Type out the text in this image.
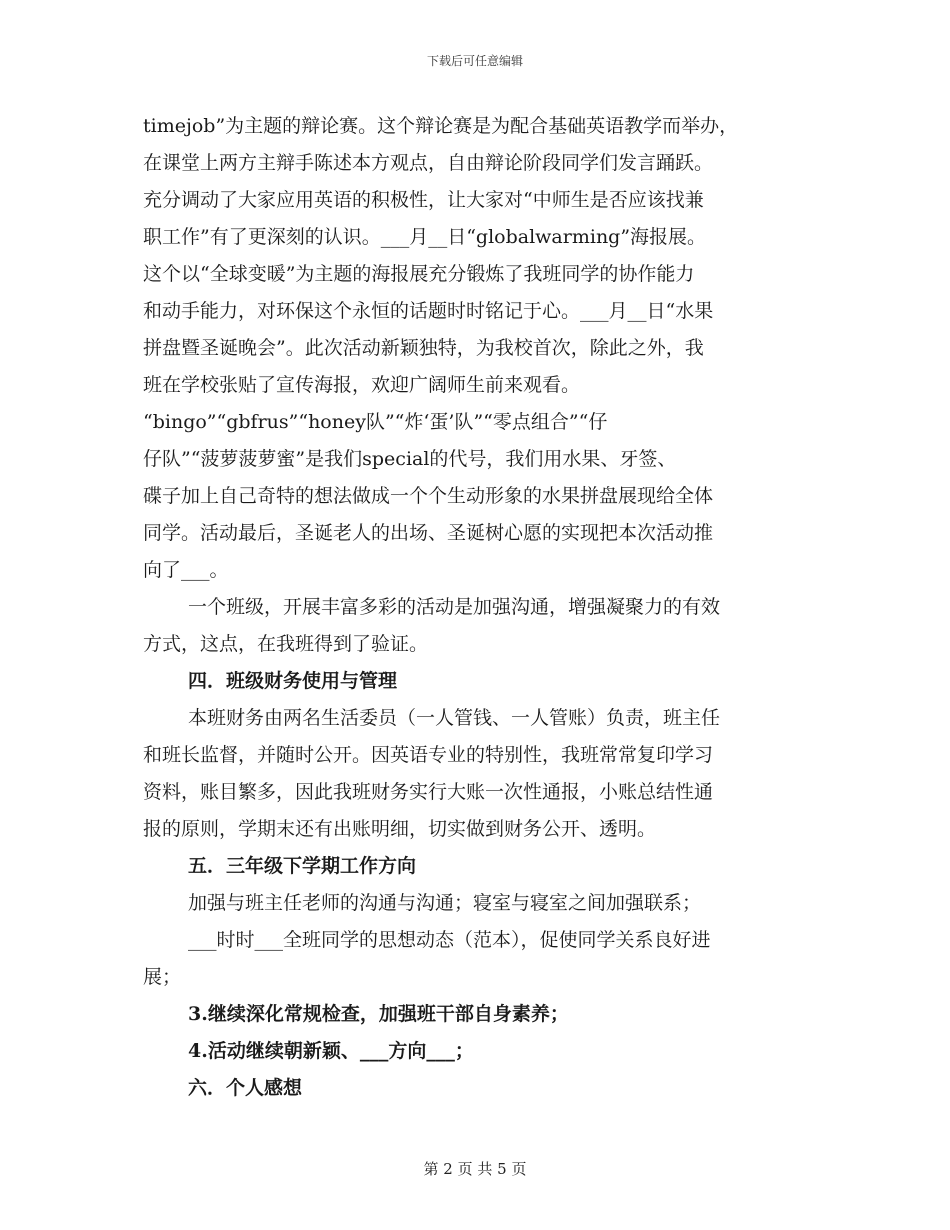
下载后可任意编辑
timejob”为主题的辩论赛。这个辩论赛是为配合基础英语教学而举办，
在课堂上两方主辩手陈述本方观点，自由辩论阶段同学们发言踊跃。
充分调动了大家应用英语的积极性，让大家对“中师生是否应该找兼
职工作”有了更深刻的认识。___月__日“globalwarming”海报展。
这个以“全球变暖”为主题的海报展充分锻炼了我班同学的协作能力
和动手能力，对环保这个永恒的话题时时铭记于心。___月__日“水果
拼盘暨圣诞晚会”。此次活动新颖独特，为我校首次，除此之外，我
班在学校张贴了宣传海报，欢迎广阔师生前来观看。
“bingo”“gbfrus”“honey队”“炸‘蛋’队”“零点组合”“仔
仔队”“菠萝菠萝蜜”是我们special的代号，我们用水果、牙签、
碟子加上自己奇特的想法做成一个个生动形象的水果拼盘展现给全体
同学。活动最后，圣诞老人的出场、圣诞树心愿的实现把本次活动推
向了___。
一个班级，开展丰富多彩的活动是加强沟通，增强凝聚力的有效
方式，这点，在我班得到了验证。
四．班级财务使用与管理
本班财务由两名生活委员（一人管钱、一人管账）负责，班主任
和班长监督，并随时公开。因英语专业的特别性，我班常常复印学习
资料，账目繁多，因此我班财务实行大账一次性通报，小账总结性通
报的原则，学期末还有出账明细，切实做到财务公开、透明。
五．三年级下学期工作方向
加强与班主任老师的沟通与沟通；寝室与寝室之间加强联系；
___时时___全班同学的思想动态（范本），促使同学关系良好进
展；
3.继续深化常规检查，加强班干部自身素养；
4.活动继续朝新颖、___方向___；
六．个人感想
第 2 页 共 5 页
